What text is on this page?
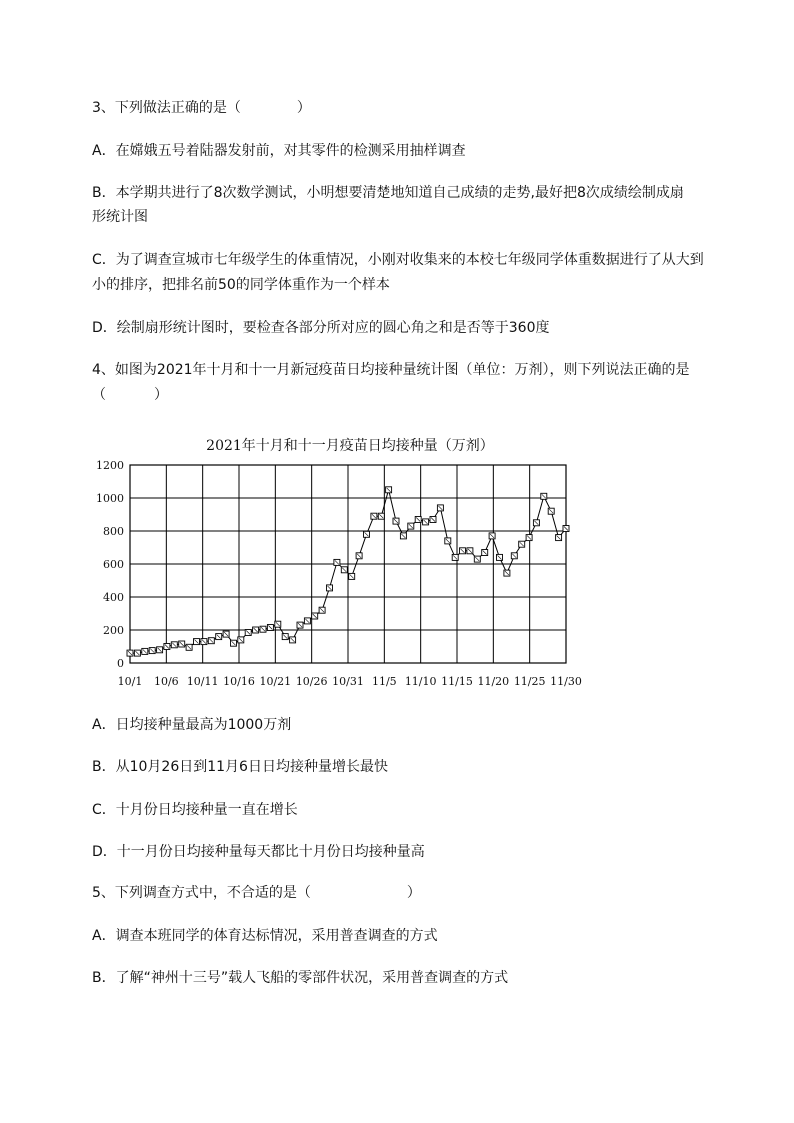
3、下列做法正确的是（	）
A．在嫦娥五号着陆器发射前，对其零件的检测采用抽样调查
B．本学期共进行了8次数学测试，小明想要清楚地知道自己成绩的走势,最好把8次成绩绘制成扇
形统计图
C．为了调查宣城市七年级学生的体重情况，小刚对收集来的本校七年级同学体重数据进行了从大到
小的排序，把排名前50的同学体重作为一个样本
D．绘制扇形统计图时，要检查各部分所对应的圆心角之和是否等于360度
4、如图为2021年十月和十一月新冠疫苗日均接种量统计图（单位：万剂），则下列说法正确的是
（	）
2021年十月和十一月疫苗日均接种量（万剂）
0
200
400
600
800
1000
1200
10/1 10/6 10/11 10/16 10/21 10/26 10/31 11/5 11/10 11/15 11/20 11/25 11/30
A．日均接种量最高为1000万剂
B．从10月26日到11月6日日均接种量增长最快
C．十月份日均接种量一直在增长
D．十一月份日均接种量每天都比十月份日均接种量高
5、下列调查方式中，不合适的是（	）
A．调查本班同学的体育达标情况，采用普查调查的方式
B．了解“神州十三号”载人飞船的零部件状况，采用普查调查的方式
